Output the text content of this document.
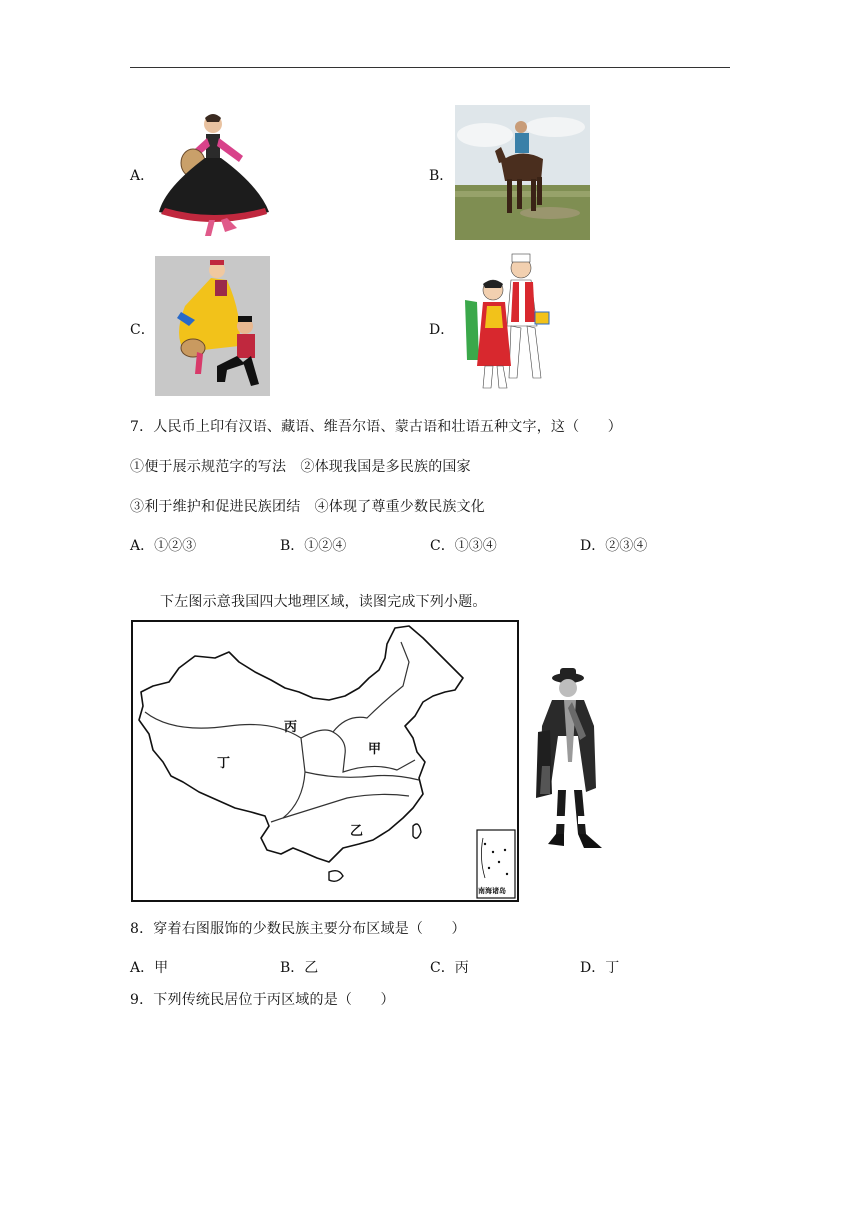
A．	B．
C．	D．
7．人民币上印有汉语、藏语、维吾尔语、蒙古语和壮语五种文字，这（　　）
①便于展示规范字的写法　②体现我国是多民族的国家
③利于维护和促进民族团结　④体现了尊重少数民族文化
A．①②③	B．①②④	C．①③④	D．②③④
下左图示意我国四大地理区域，读图完成下列小题。
甲
乙
丙
丁
南海诸岛
8．穿着右图服饰的少数民族主要分布区域是（　　）
A．甲	B．乙	C．丙	D．丁
9．下列传统民居位于丙区域的是（　　）
